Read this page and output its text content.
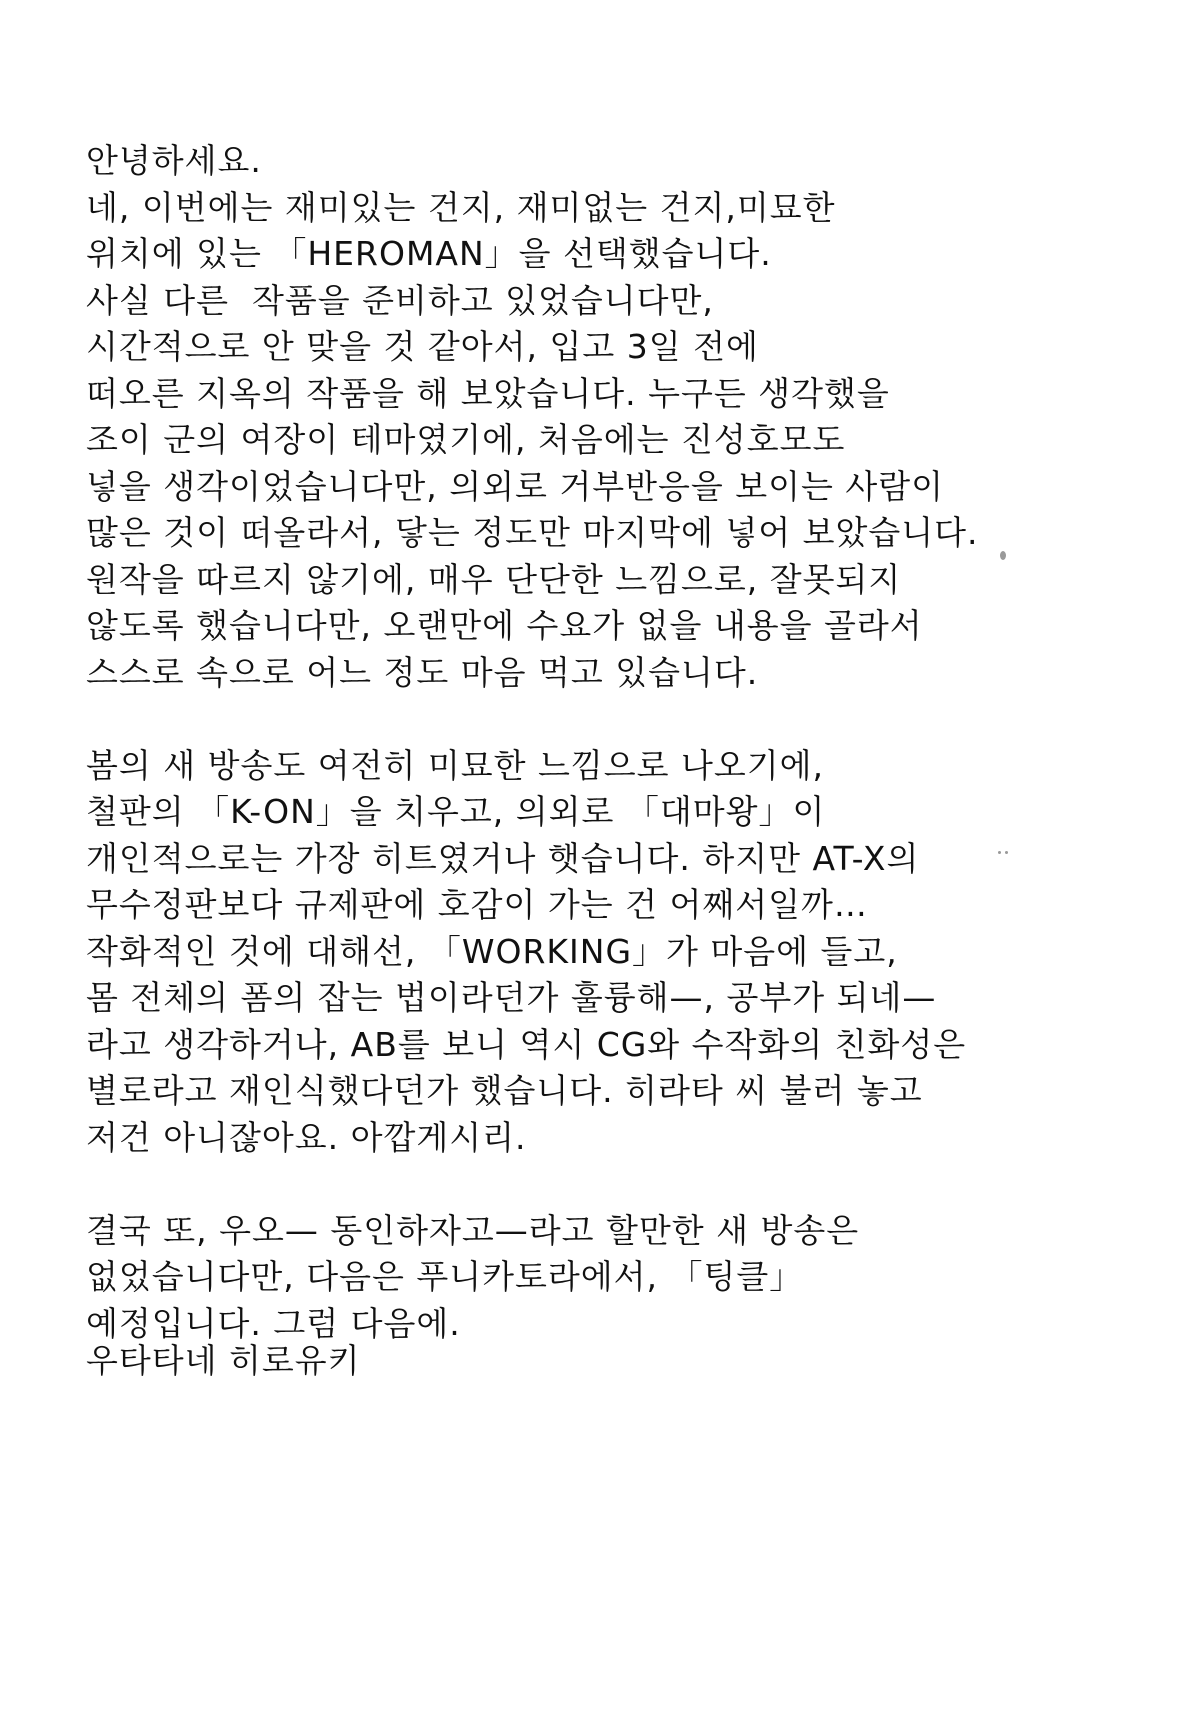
안녕하세요.
네, 이번에는 재미있는 건지, 재미없는 건지,미묘한
위치에 있는 「HEROMAN」을 선택했습니다.
사실 다른  작품을 준비하고 있었습니다만,
시간적으로 안 맞을 것 같아서, 입고 3일 전에
떠오른 지옥의 작품을 해 보았습니다. 누구든 생각했을
조이 군의 여장이 테마였기에, 처음에는 진성호모도
넣을 생각이었습니다만, 의외로 거부반응을 보이는 사람이
많은 것이 떠올라서, 닿는 정도만 마지막에 넣어 보았습니다.
원작을 따르지 않기에, 매우 단단한 느낌으로, 잘못되지
않도록 했습니다만, 오랜만에 수요가 없을 내용을 골라서
스스로 속으로 어느 정도 마음 먹고 있습니다.
봄의 새 방송도 여전히 미묘한 느낌으로 나오기에,
철판의 「K-ON」을 치우고, 의외로 「대마왕」이
개인적으로는 가장 히트였거나 햇습니다. 하지만 AT-X의
무수정판보다 규제판에 호감이 가는 건 어째서일까…
작화적인 것에 대해선, 「WORKING」가 마음에 들고,
몸 전체의 폼의 잡는 법이라던가 훌륭해—, 공부가 되네—
라고 생각하거나, AB를 보니 역시 CG와 수작화의 친화성은
별로라고 재인식했다던가 했습니다. 히라타 씨 불러 놓고
저건 아니잖아요. 아깝게시리.
결국 또, 우오— 동인하자고—라고 할만한 새 방송은
없었습니다만, 다음은 푸니카토라에서, 「팅클」
예정입니다. 그럼 다음에.
우타타네 히로유키
